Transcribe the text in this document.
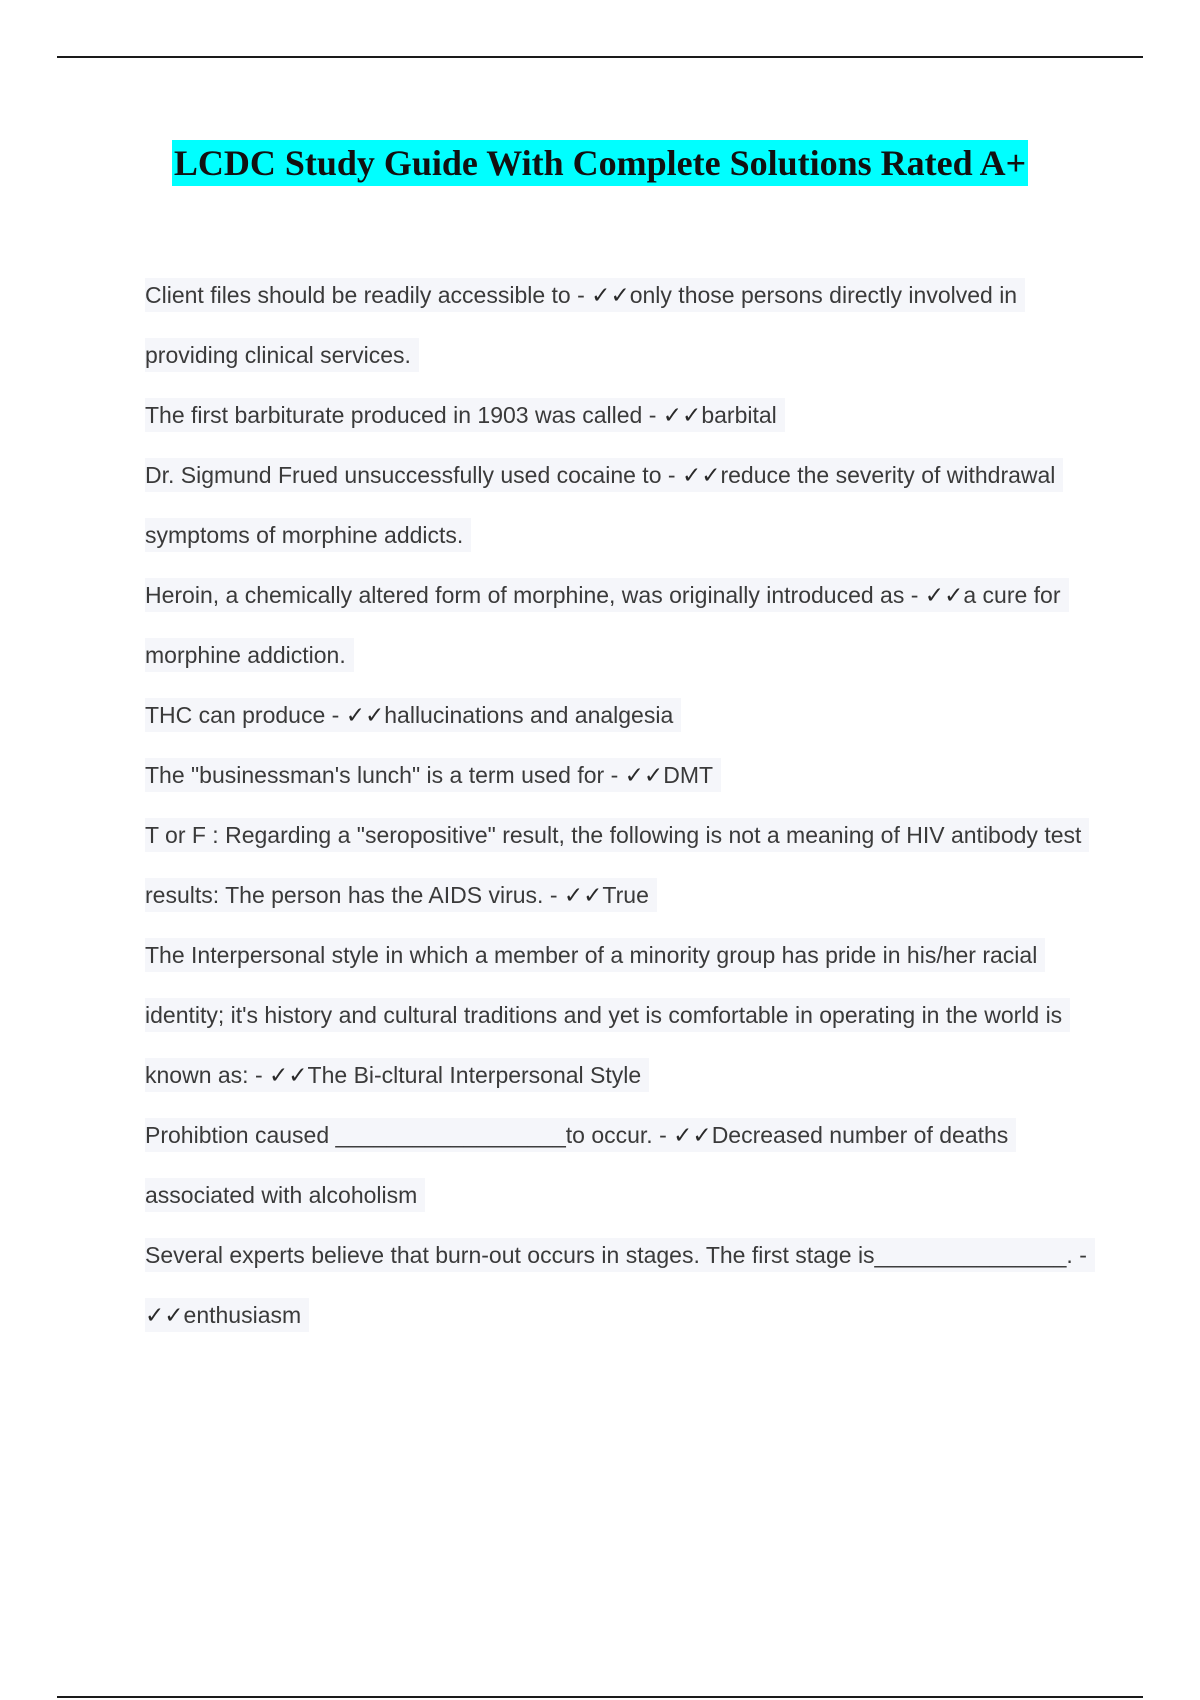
LCDC Study Guide With Complete Solutions Rated A+

Client files should be readily accessible to - ✓✓only those persons directly involved in providing clinical services.

The first barbiturate produced in 1903 was called - ✓✓barbital

Dr. Sigmund Frued unsuccessfully used cocaine to - ✓✓reduce the severity of withdrawal symptoms of morphine addicts.

Heroin, a chemically altered form of morphine, was originally introduced as - ✓✓a cure for morphine addiction.

THC can produce - ✓✓hallucinations and analgesia

The "businessman's lunch" is a term used for - ✓✓DMT

T or F : Regarding a "seropositive" result, the following is not a meaning of HIV antibody test results: The person has the AIDS virus. - ✓✓True

The Interpersonal style in which a member of a minority group has pride in his/her racial identity; it's history and cultural traditions and yet is comfortable in operating in the world is known as: - ✓✓The Bi-cltural Interpersonal Style

Prohibtion caused __________________to occur. - ✓✓Decreased number of deaths associated with alcoholism

Several experts believe that burn-out occurs in stages. The first stage is_______________. - ✓✓enthusiasm
